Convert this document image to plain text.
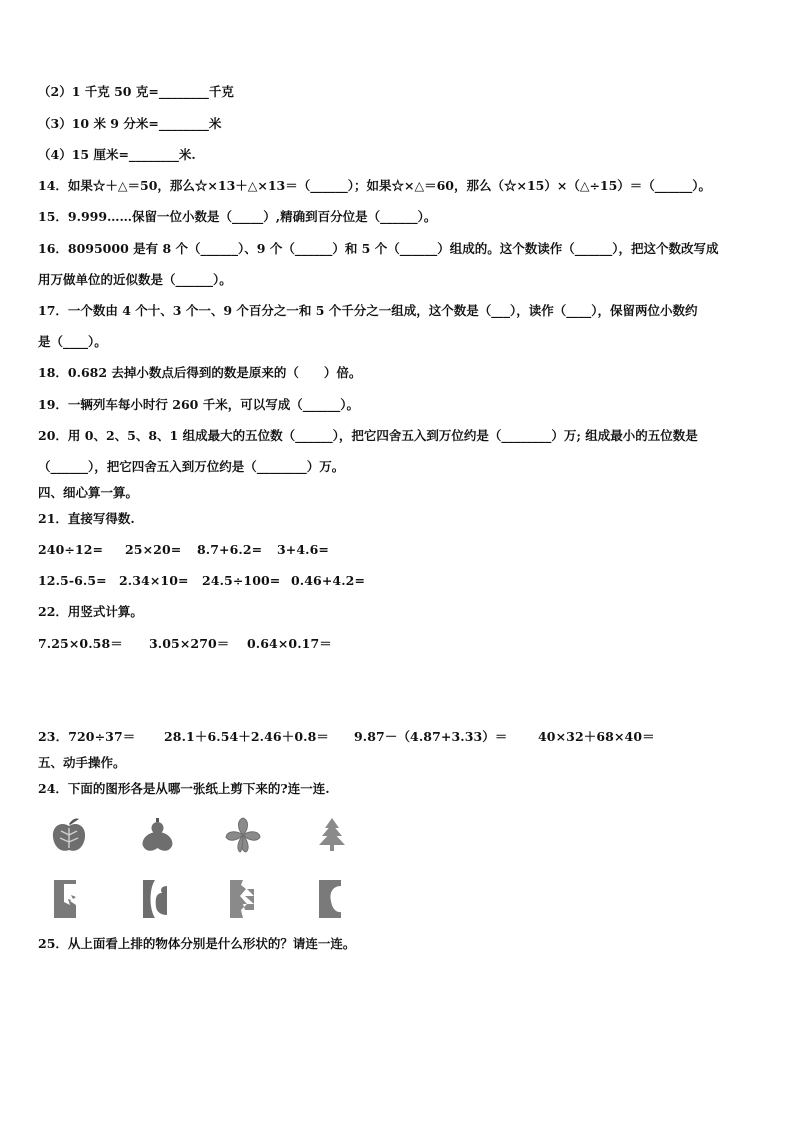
（2）1 千克 50 克=________千克
（3）10 米 9 分米=________米
（4）15 厘米=________米.
14．如果☆＋△＝50，那么☆×13＋△×13＝（______）；如果☆×△＝60，那么（☆×15）×（△÷15）＝（______）。
15．9.999……保留一位小数是（_____）,精确到百分位是（______）。
16．8095000 是有 8 个（______）、9 个（______）和 5 个（______）组成的。这个数读作（______），把这个数改写成
用万做单位的近似数是（______）。
17．一个数由 4 个十、3 个一、9 个百分之一和 5 个千分之一组成，这个数是（___），读作（____），保留两位小数约
是（____）。
18．0.682 去掉小数点后得到的数是原来的（　　）倍。
19．一辆列车每小时行 260 千米，可以写成（______）。
20．用 0、2、5、8、1 组成最大的五位数（______），把它四舍五入到万位约是（________）万; 组成最小的五位数是
（______），把它四舍五入到万位约是（________）万。
四、细心算一算。
21．直接写得数.
240÷12= 25×20= 8.7+6.2= 3+4.6=
12.5-6.5= 2.34×10= 24.5÷100= 0.46+4.2=
22．用竖式计算。
7.25×0.58＝ 3.05×270＝ 0.64×0.17＝
23．720÷37＝ 28.1＋6.54＋2.46＋0.8＝ 9.87－（4.87+3.33）＝ 40×32＋68×40＝
五、动手操作。
24．下面的图形各是从哪一张纸上剪下来的?连一连.
25．从上面看上排的物体分别是什么形状的？请连一连。
